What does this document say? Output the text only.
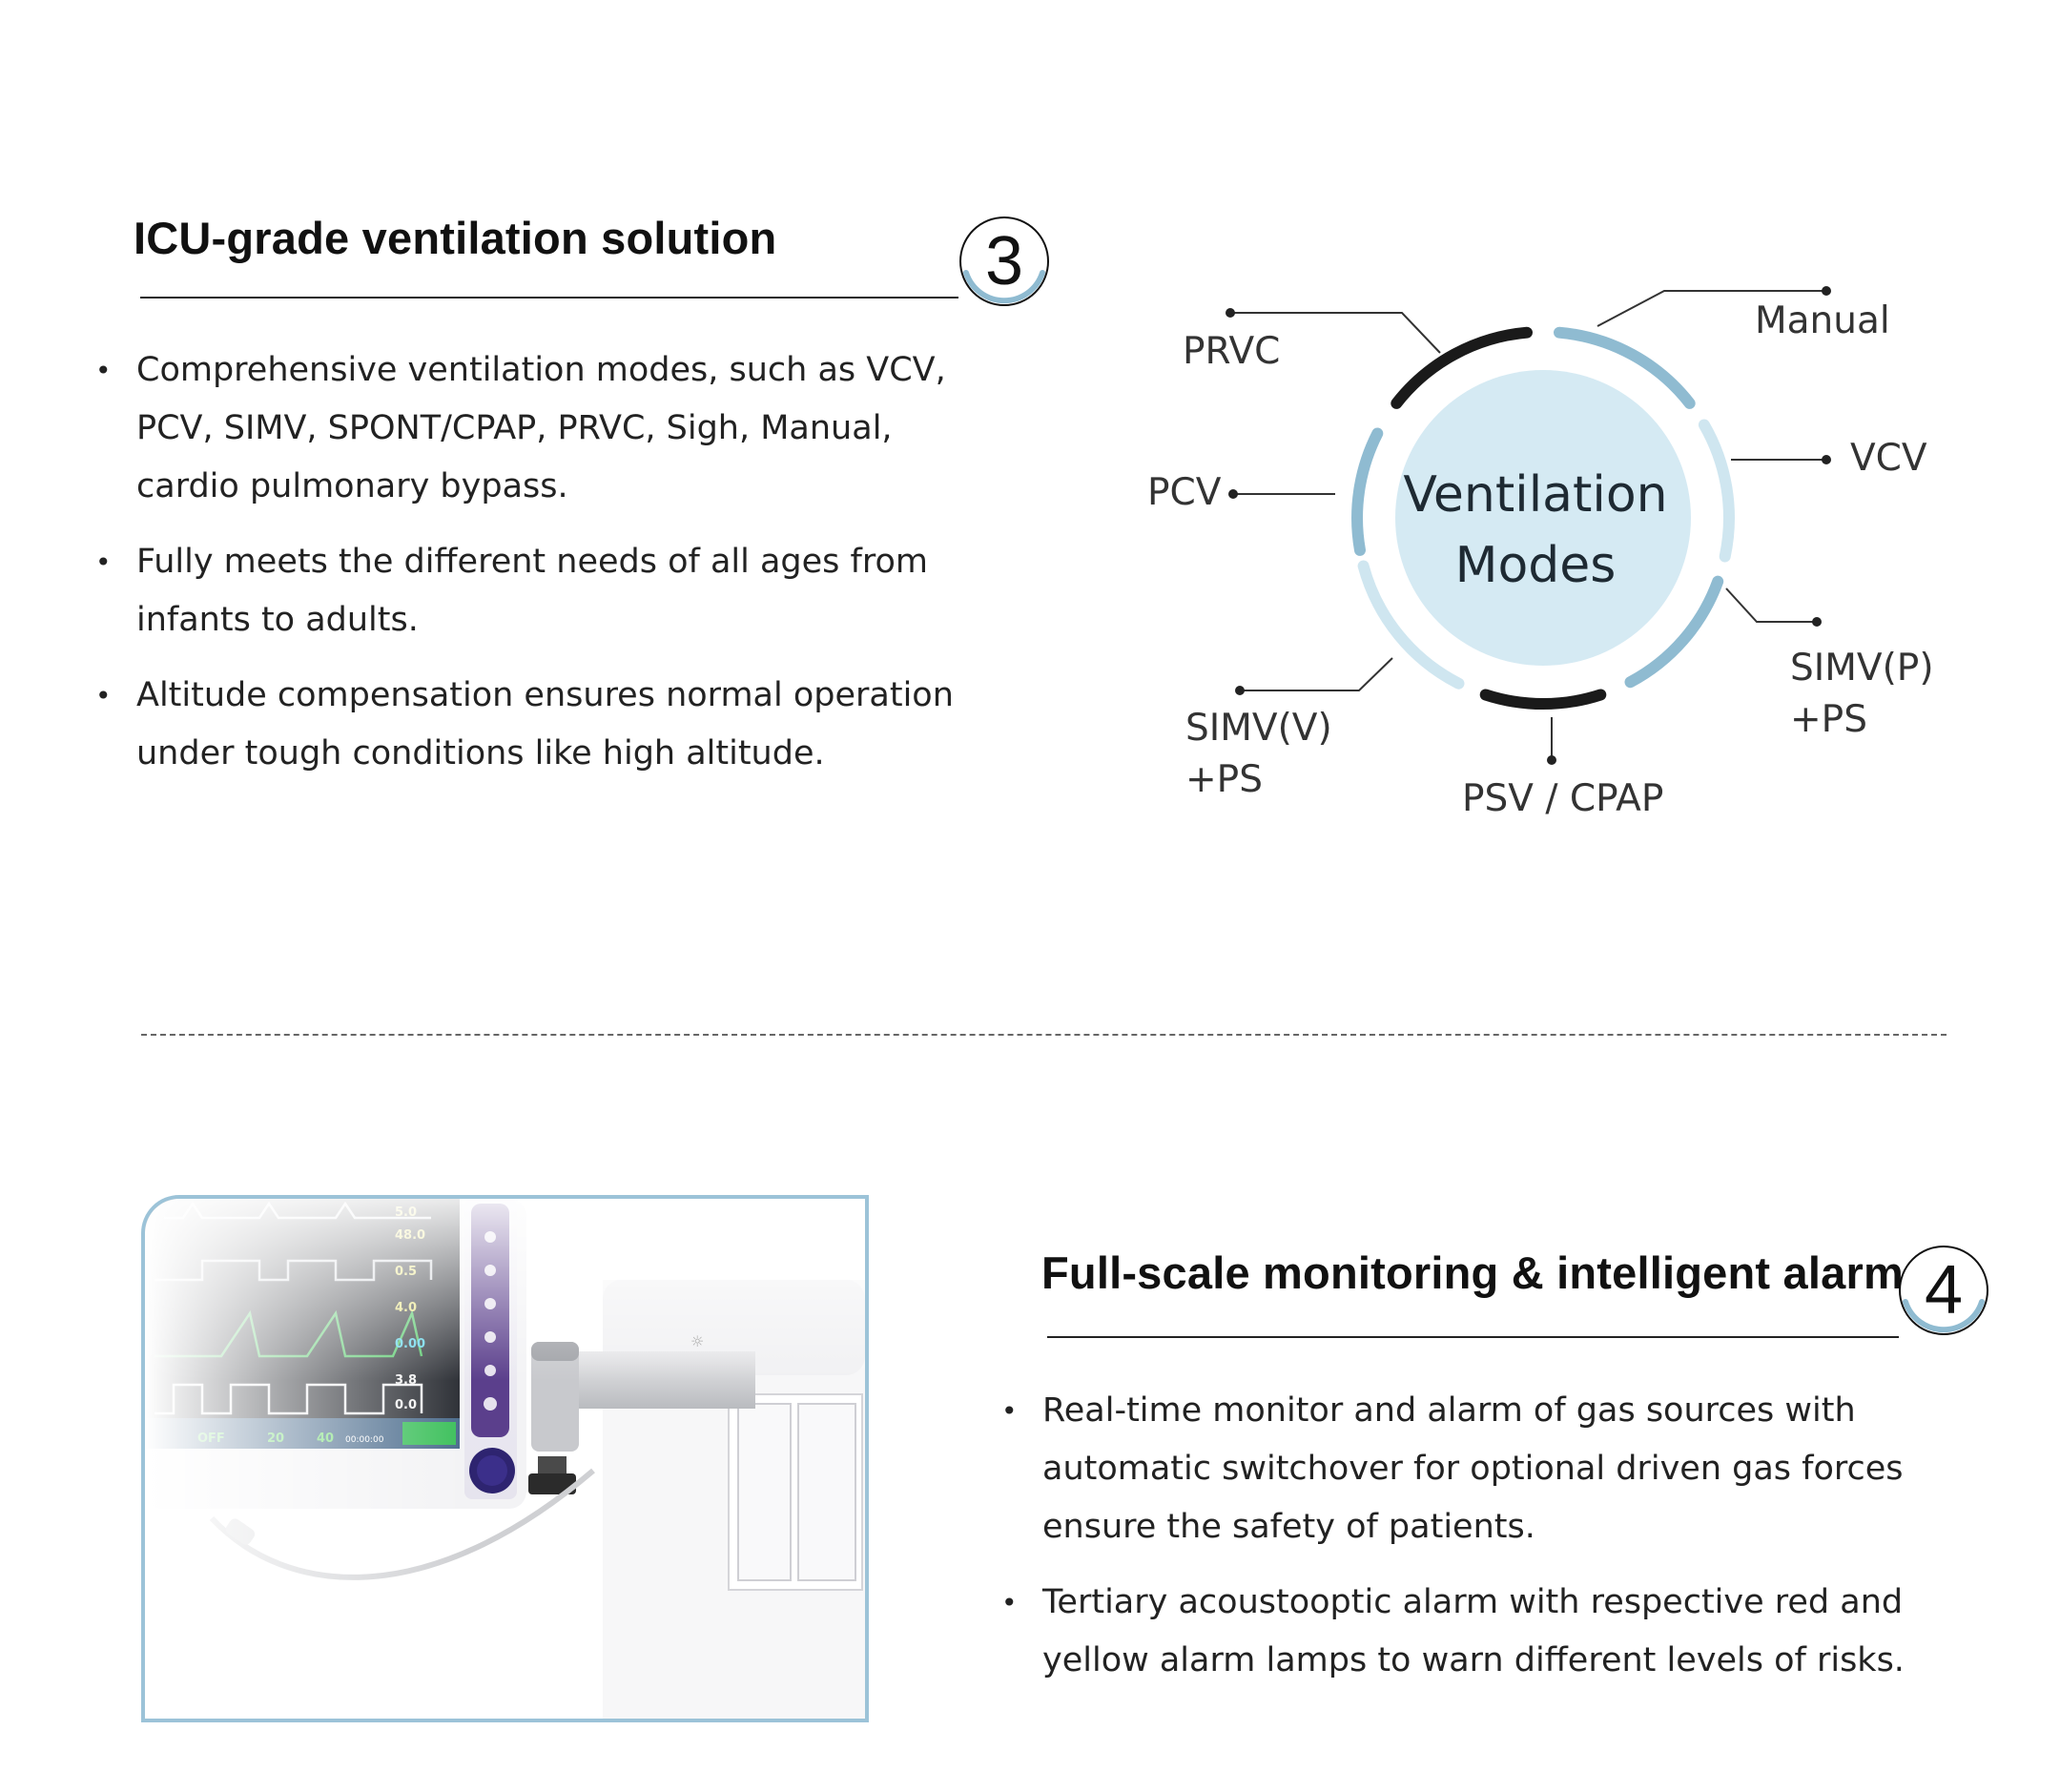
ICU-grade ventilation solution	3
• Comprehensive ventilation modes, such as VCV, PCV, SIMV, SPONT/CPAP, PRVC, Sigh, Manual, cardio pulmonary bypass.
• Fully meets the different needs of all ages from infants to adults.
• Altitude compensation ensures normal operation under tough conditions like high altitude.
Ventilation
Modes
PRVC
Manual
PCV
VCV
SIMV(P)
+PS
PSV / CPAP
SIMV(V)
+PS
Full-scale monitoring & intelligent alarm 4
• Real-time monitor and alarm of gas sources with automatic switchover for optional driven gas forces ensure the safety of patients.
• Tertiary acoustooptic alarm with respective red and yellow alarm lamps to warn different levels of risks.
